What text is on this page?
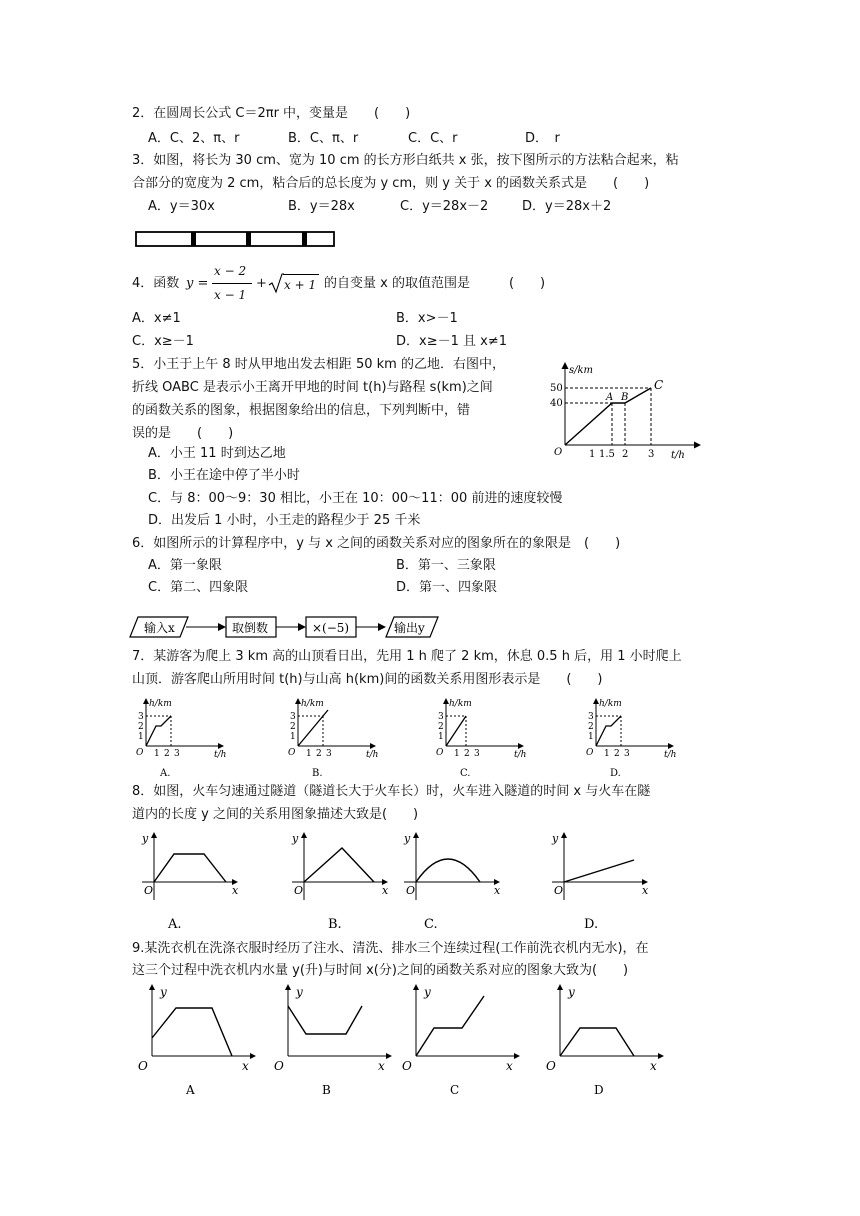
2．在圆周长公式 C＝2πr 中，变量是　　(　　)
A．C、2、π、r	B．C、π、r	C．C、r	D．　r
3．如图，将长为 30 cm、宽为 10 cm 的长方形白纸共 x 张，按下图所示的方法粘合起来，粘
合部分的宽度为 2 cm，粘合后的总长度为 y cm，则 y 关于 x 的函数关系式是　　(　　)
A．y＝30x	B．y＝28x	C．y＝28x－2	D．y＝28x＋2
4．函数 y =
x − 2
x − 1
+ x + 1 的自变量 x 的取值范围是　　　(　　)
A．x≠1	B．x>－1
C．x≥－1	D．x≥－1 且 x≠1
5．小王于上午 8 时从甲地出发去相距 50 km 的乙地．右图中，
折线 OABC 是表示小王离开甲地的时间 t(h)与路程 s(km)之间
的函数关系的图象，根据图象给出的信息，下列判断中，错
误的是　　(　　)
A．小王 11 时到达乙地
B．小王在途中停了半小时
C．与 8：00～9：30 相比，小王在 10：00～11：00 前进的速度较慢
D．出发后 1 小时，小王走的路程少于 25 千米
s/km
t/h
O
50
40
1 1.5 2 3
A B
C
6．如图所示的计算程序中，y 与 x 之间的函数关系对应的图象所在的象限是　(　　)
A．第一象限	B．第一、三象限
C．第二、四象限	D．第一、四象限
输入x	取倒数	×(−5)	输出y
7．某游客为爬上 3 km 高的山顶看日出，先用 1 h 爬了 2 km，休息 0.5 h 后，用 1 小时爬上
山顶．游客爬山所用时间 t(h)与山高 h(km)间的函数关系用图形表示是　　(　　)
h/km
t/h
O
3
2
1
1 2 3
A.
h/km
t/h
O
3
2
1
1 2 3
B.
h/km
t/h
O
3
2
1
1 2 3
C.
h/km
t/h
O
3
2
1
1 2 3
D.
8．如图，火车匀速通过隧道（隧道长大于火车长）时，火车进入隧道的时间 x 与火车在隧
道内的长度 y 之间的关系用图象描述大致是(　　)
y
x
O
A.
y
x
O
B.
y
x
O
C.
y
x
O
D.
9.某洗衣机在洗涤衣服时经历了注水、清洗、排水三个连续过程(工作前洗衣机内无水)，在
这三个过程中洗衣机内水量 y(升)与时间 x(分)之间的函数关系对应的图象大致为(　　)
y
x
O
A
y
x
O
B
y
x
O
C
y
x
O
D
